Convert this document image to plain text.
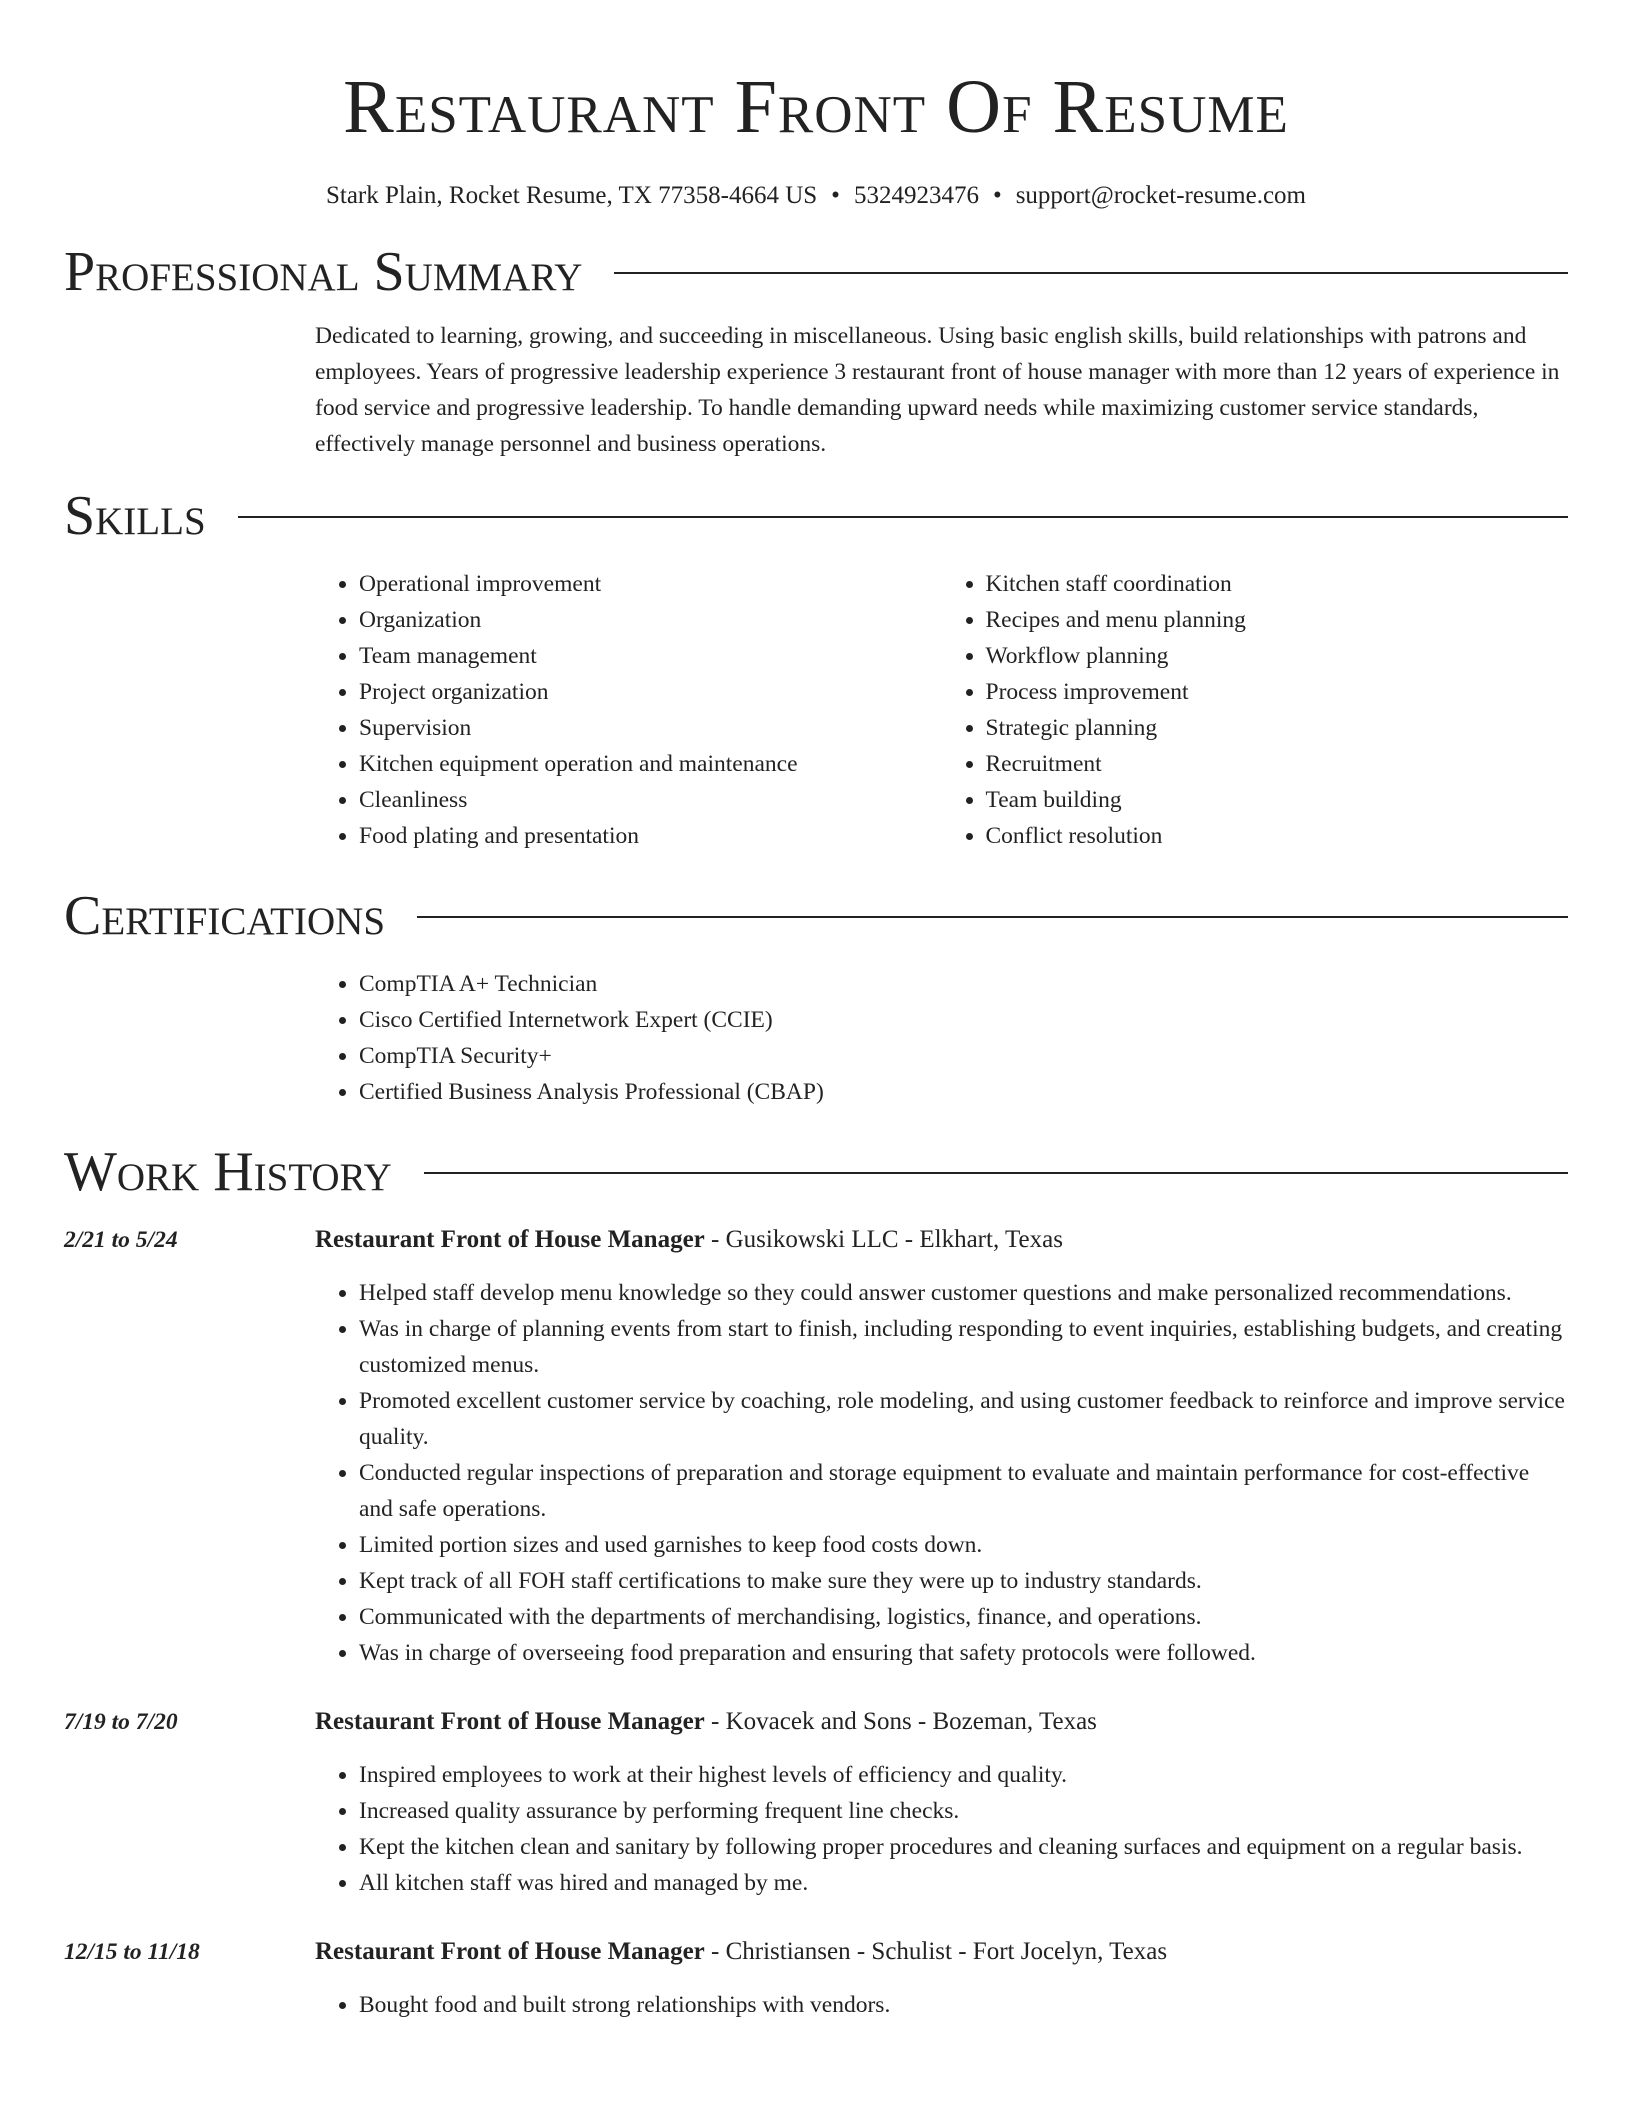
Restaurant Front Of Resume
Stark Plain, Rocket Resume, TX 77358-4664 US • 5324923476 • support@rocket-resume.com
Professional Summary

Dedicated to learning, growing, and succeeding in miscellaneous. Using basic english skills, build relationships with patrons and employees. Years of progressive leadership experience 3 restaurant front of house manager with more than 12 years of experience in food service and progressive leadership. To handle demanding upward needs while maximizing customer service standards, effectively manage personnel and business operations.

Skills
• Operational improvement
• Organization
• Team management
• Project organization
• Supervision
• Kitchen equipment operation and maintenance
• Cleanliness
• Food plating and presentation
• Kitchen staff coordination
• Recipes and menu planning
• Workflow planning
• Process improvement
• Strategic planning
• Recruitment
• Team building
• Conflict resolution
Certifications
• CompTIA A+ Technician
• Cisco Certified Internetwork Expert (CCIE)
• CompTIA Security+
• Certified Business Analysis Professional (CBAP)
Work History
2/21 to 5/24	Restaurant Front of House Manager - Gusikowski LLC - Elkhart, Texas
• Helped staff develop menu knowledge so they could answer customer questions and make personalized recommendations.
• Was in charge of planning events from start to finish, including responding to event inquiries, establishing budgets, and creating customized menus.
• Promoted excellent customer service by coaching, role modeling, and using customer feedback to reinforce and improve service quality.
• Conducted regular inspections of preparation and storage equipment to evaluate and maintain performance for cost-effective and safe operations.
• Limited portion sizes and used garnishes to keep food costs down.
• Kept track of all FOH staff certifications to make sure they were up to industry standards.
• Communicated with the departments of merchandising, logistics, finance, and operations.
• Was in charge of overseeing food preparation and ensuring that safety protocols were followed.
7/19 to 7/20	Restaurant Front of House Manager - Kovacek and Sons - Bozeman, Texas
• Inspired employees to work at their highest levels of efficiency and quality.
• Increased quality assurance by performing frequent line checks.
• Kept the kitchen clean and sanitary by following proper procedures and cleaning surfaces and equipment on a regular basis.
• All kitchen staff was hired and managed by me.
12/15 to 11/18	Restaurant Front of House Manager - Christiansen - Schulist - Fort Jocelyn, Texas
• Bought food and built strong relationships with vendors.
